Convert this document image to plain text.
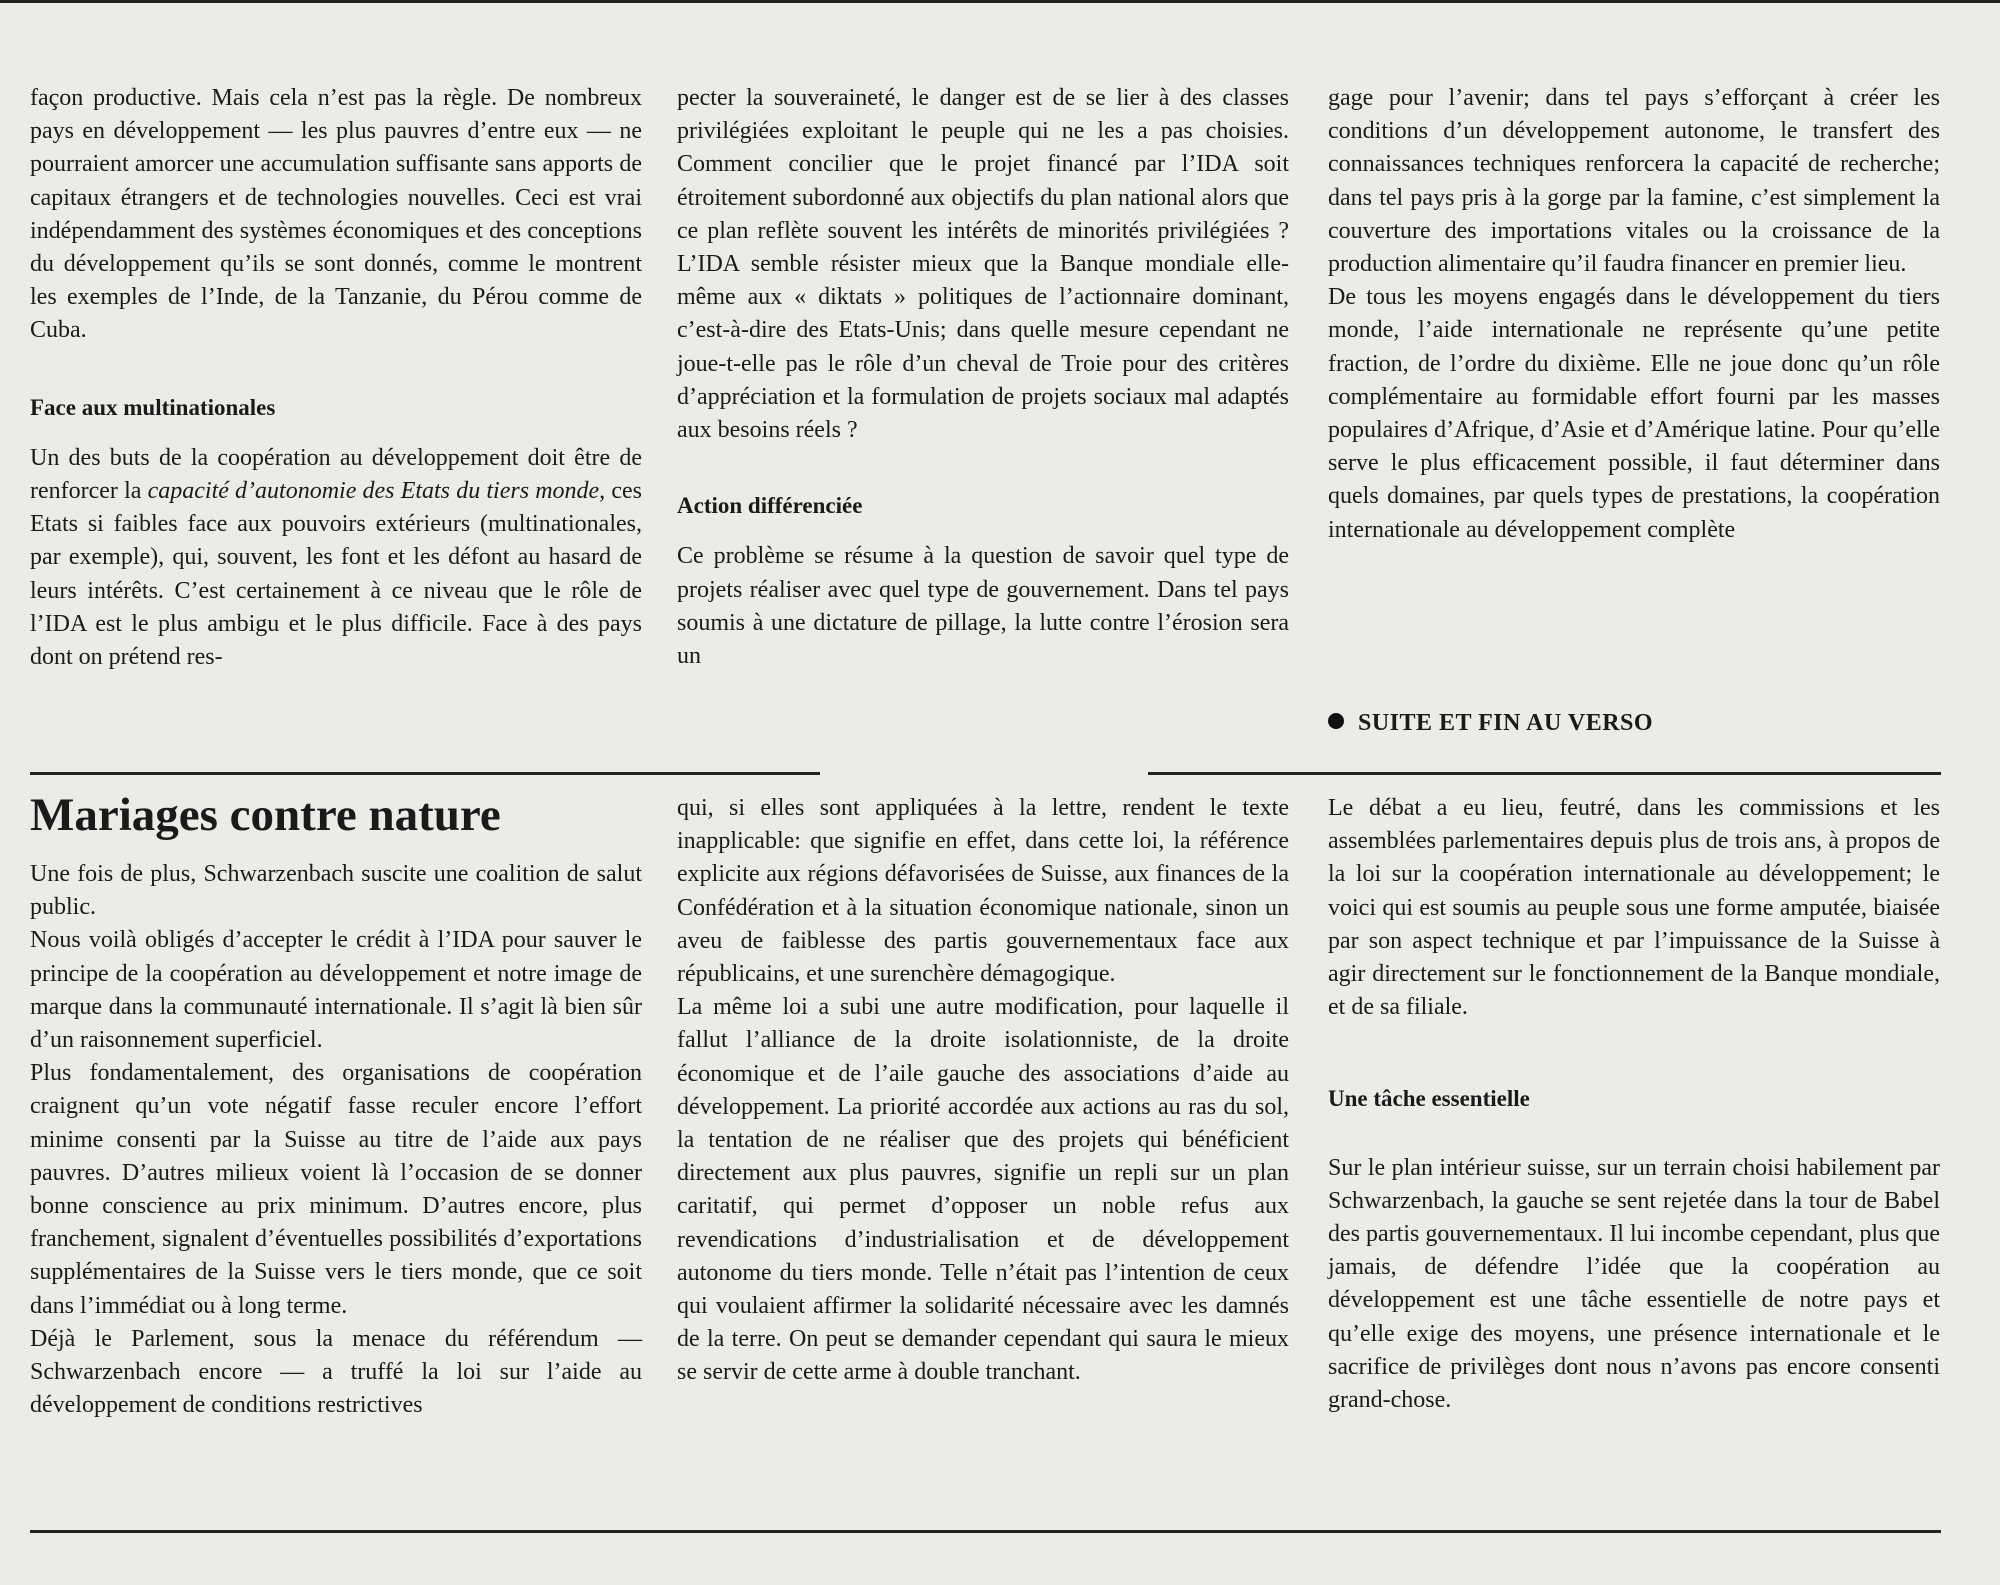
façon productive. Mais cela n’est pas la règle. De nombreux pays en développement — les plus pauvres d’entre eux — ne pourraient amorcer une accumulation suffisante sans apports de capitaux étrangers et de technologies nouvelles. Ceci est vrai indépendamment des systèmes économiques et des conceptions du développement qu’ils se sont donnés, comme le montrent les exemples de l’Inde, de la Tanzanie, du Pérou comme de Cuba.

Face aux multinationales

Un des buts de la coopération au développement doit être de renforcer la capacité d’autonomie des Etats du tiers monde, ces Etats si faibles face aux pouvoirs extérieurs (multinationales, par exemple), qui, souvent, les font et les défont au hasard de leurs intérêts. C’est certainement à ce niveau que le rôle de l’IDA est le plus ambigu et le plus difficile. Face à des pays dont on prétend res-

pecter la souveraineté, le danger est de se lier à des classes privilégiées exploitant le peuple qui ne les a pas choisies. Comment concilier que le projet financé par l’IDA soit étroitement subordonné aux objectifs du plan national alors que ce plan reflète souvent les intérêts de minorités privilégiées ? L’IDA semble résister mieux que la Banque mondiale elle-même aux « diktats » politiques de l’actionnaire dominant, c’est-à-dire des Etats-Unis; dans quelle mesure cependant ne joue-t-elle pas le rôle d’un cheval de Troie pour des critères d’appréciation et la formulation de projets sociaux mal adaptés aux besoins réels ?

Action différenciée

Ce problème se résume à la question de savoir quel type de projets réaliser avec quel type de gouvernement. Dans tel pays soumis à une dictature de pillage, la lutte contre l’érosion sera un

gage pour l’avenir; dans tel pays s’efforçant à créer les conditions d’un développement autonome, le transfert des connaissances techniques renforcera la capacité de recherche; dans tel pays pris à la gorge par la famine, c’est simplement la couverture des importations vitales ou la croissance de la production alimentaire qu’il faudra financer en premier lieu.

De tous les moyens engagés dans le développement du tiers monde, l’aide internationale ne représente qu’une petite fraction, de l’ordre du dixième. Elle ne joue donc qu’un rôle complémentaire au formidable effort fourni par les masses populaires d’Afrique, d’Asie et d’Amérique latine. Pour qu’elle serve le plus efficacement possible, il faut déterminer dans quels domaines, par quels types de prestations, la coopération internationale au développement complète

SUITE ET FIN AU VERSO
Mariages contre nature

Une fois de plus, Schwarzenbach suscite une coalition de salut public.

Nous voilà obligés d’accepter le crédit à l’IDA pour sauver le principe de la coopération au développement et notre image de marque dans la communauté internationale. Il s’agit là bien sûr d’un raisonnement superficiel.

Plus fondamentalement, des organisations de coopération craignent qu’un vote négatif fasse reculer encore l’effort minime consenti par la Suisse au titre de l’aide aux pays pauvres. D’autres milieux voient là l’occasion de se donner bonne conscience au prix minimum. D’autres encore, plus franchement, signalent d’éventuelles possibilités d’exportations supplémentaires de la Suisse vers le tiers monde, que ce soit dans l’immédiat ou à long terme.

Déjà le Parlement, sous la menace du référendum — Schwarzenbach encore — a truffé la loi sur l’aide au développement de conditions restrictives

qui, si elles sont appliquées à la lettre, rendent le texte inapplicable: que signifie en effet, dans cette loi, la référence explicite aux régions défavorisées de Suisse, aux finances de la Confédération et à la situation économique nationale, sinon un aveu de faiblesse des partis gouvernementaux face aux républicains, et une surenchère démagogique.

La même loi a subi une autre modification, pour laquelle il fallut l’alliance de la droite isolationniste, de la droite économique et de l’aile gauche des associations d’aide au développement. La priorité accordée aux actions au ras du sol, la tentation de ne réaliser que des projets qui bénéficient directement aux plus pauvres, signifie un repli sur un plan caritatif, qui permet d’opposer un noble refus aux revendications d’industrialisation et de développement autonome du tiers monde. Telle n’était pas l’intention de ceux qui voulaient affirmer la solidarité nécessaire avec les damnés de la terre. On peut se demander cependant qui saura le mieux se servir de cette arme à double tranchant.

Le débat a eu lieu, feutré, dans les commissions et les assemblées parlementaires depuis plus de trois ans, à propos de la loi sur la coopération internationale au développement; le voici qui est soumis au peuple sous une forme amputée, biaisée par son aspect technique et par l’impuissance de la Suisse à agir directement sur le fonctionnement de la Banque mondiale, et de sa filiale.

Une tâche essentielle

Sur le plan intérieur suisse, sur un terrain choisi habilement par Schwarzenbach, la gauche se sent rejetée dans la tour de Babel des partis gouvernementaux. Il lui incombe cependant, plus que jamais, de défendre l’idée que la coopération au développement est une tâche essentielle de notre pays et qu’elle exige des moyens, une présence internationale et le sacrifice de privilèges dont nous n’avons pas encore consenti grand-chose.
